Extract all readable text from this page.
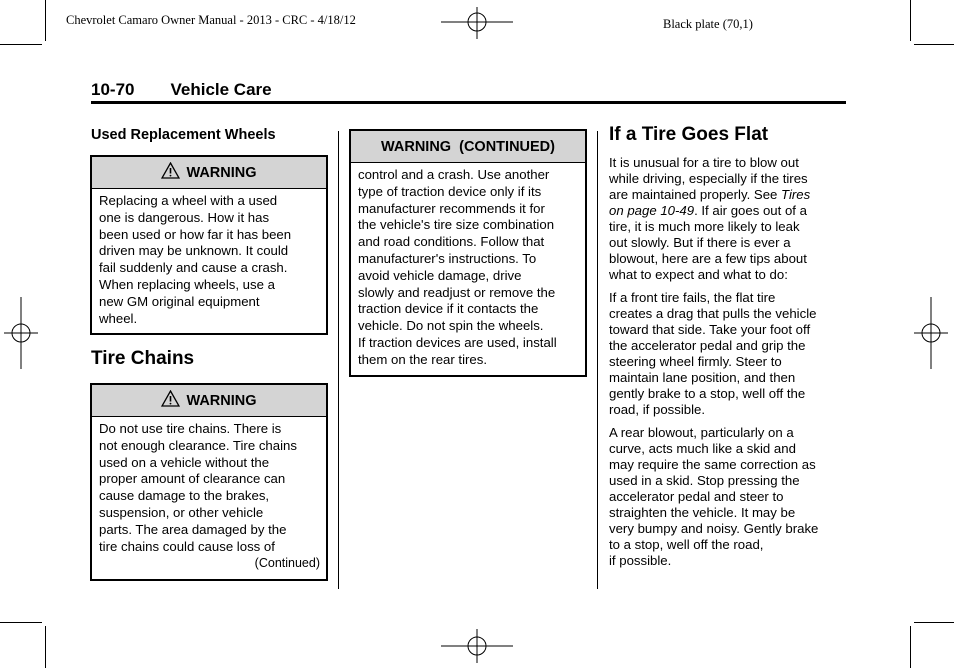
Chevrolet Camaro Owner Manual - 2013 - CRC - 4/18/12	Black plate (70,1)
10-70 Vehicle Care
Used Replacement Wheels
WARNING
Replacing a wheel with a used
one is dangerous. How it has
been used or how far it has been
driven may be unknown. It could
fail suddenly and cause a crash.
When replacing wheels, use a
new GM original equipment
wheel.
Tire Chains
WARNING
Do not use tire chains. There is
not enough clearance. Tire chains
used on a vehicle without the
proper amount of clearance can
cause damage to the brakes,
suspension, or other vehicle
parts. The area damaged by the
tire chains could cause loss of
(Continued)
WARNING  (CONTINUED)
control and a crash. Use another
type of traction device only if its
manufacturer recommends it for
the vehicle's tire size combination
and road conditions. Follow that
manufacturer's instructions. To
avoid vehicle damage, drive
slowly and readjust or remove the
traction device if it contacts the
vehicle. Do not spin the wheels.
If traction devices are used, install
them on the rear tires.
If a Tire Goes Flat
It is unusual for a tire to blow out
while driving, especially if the tires
are maintained properly. See Tires
on page 10-49. If air goes out of a
tire, it is much more likely to leak
out slowly. But if there is ever a
blowout, here are a few tips about
what to expect and what to do:
If a front tire fails, the flat tire
creates a drag that pulls the vehicle
toward that side. Take your foot off
the accelerator pedal and grip the
steering wheel firmly. Steer to
maintain lane position, and then
gently brake to a stop, well off the
road, if possible.
A rear blowout, particularly on a
curve, acts much like a skid and
may require the same correction as
used in a skid. Stop pressing the
accelerator pedal and steer to
straighten the vehicle. It may be
very bumpy and noisy. Gently brake
to a stop, well off the road,
if possible.
